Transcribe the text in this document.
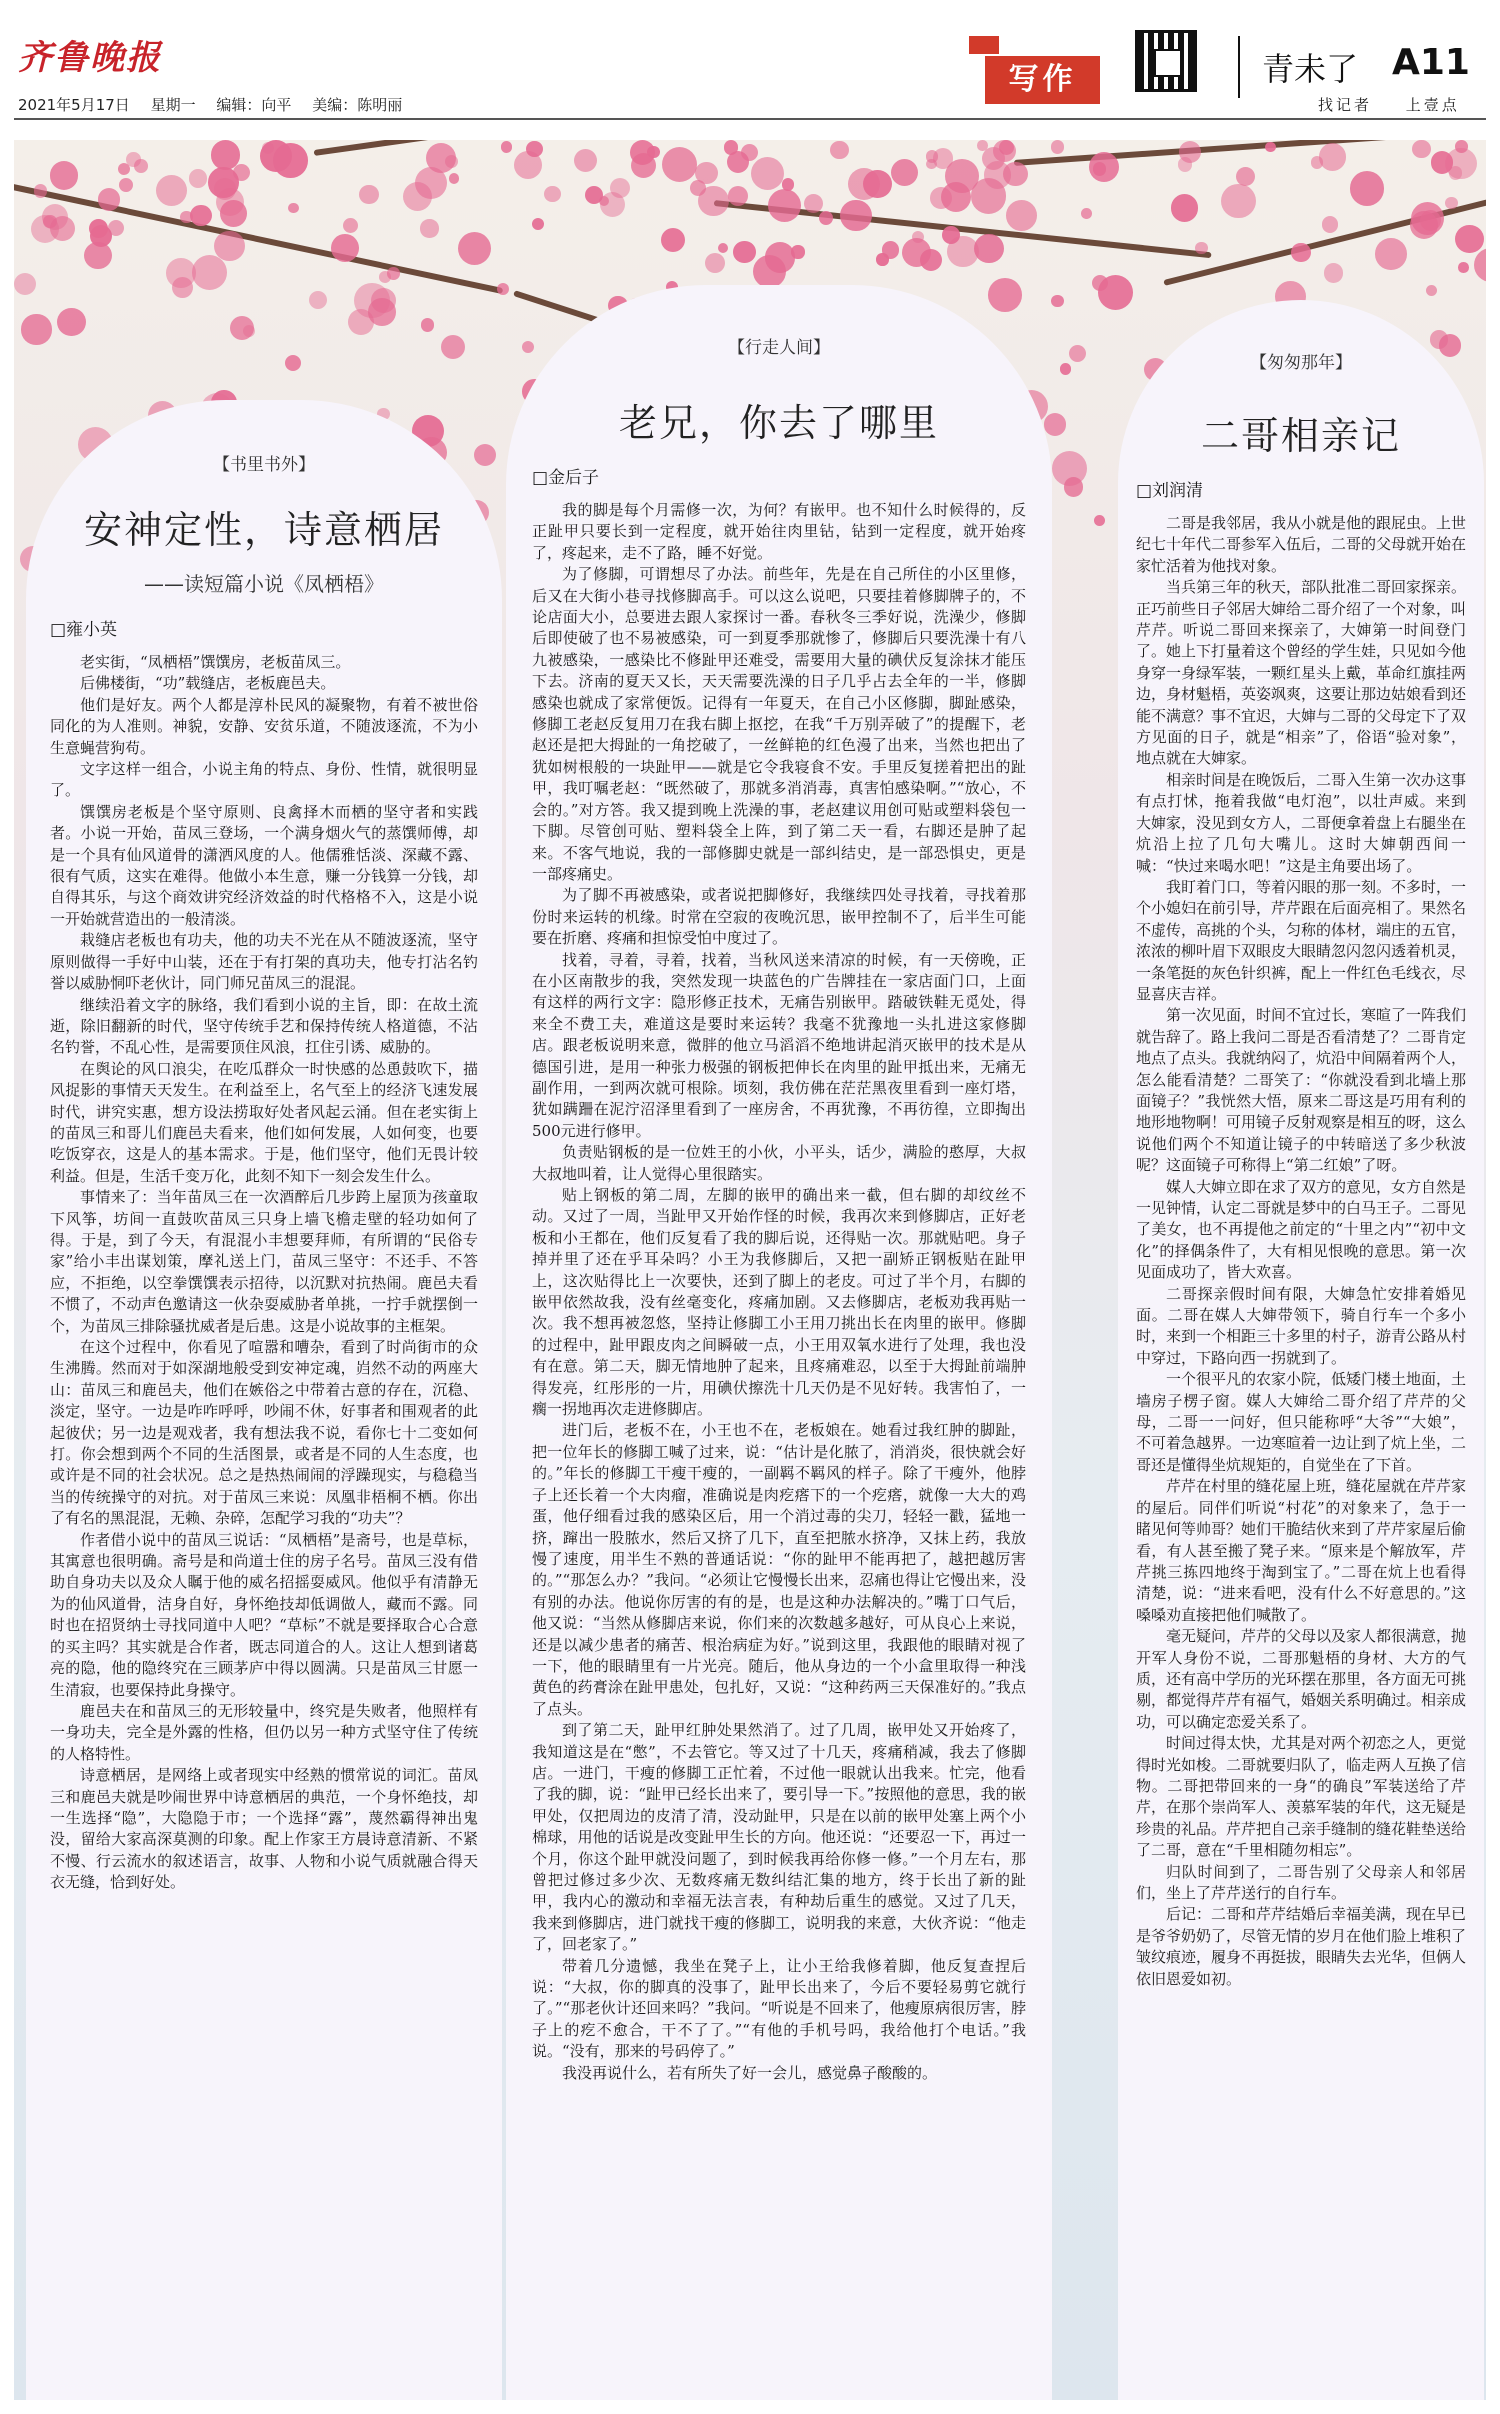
齐鲁晚报
2021年5月17日 星期一 编辑：向平 美编：陈明丽
写作	青未了 A11
找记者 上壹点
【书里书外】
安神定性，诗意栖居
——读短篇小说《凤栖梧》
□雍小英

老实街，“凤栖梧”馔馔房，老板苗凤三。

后佛楼街，“功”载缝店，老板鹿邑夫。

他们是好友。两个人都是淳朴民风的凝聚物，有着不被世俗同化的为人准则。神貌，安静、安贫乐道，不随波逐流，不为小生意蝇营狗苟。

文字这样一组合，小说主角的特点、身份、性情，就很明显了。

馔馔房老板是个坚守原则、良禽择木而栖的坚守者和实践者。小说一开始，苗凤三登场，一个满身烟火气的蒸馔师傅，却是一个具有仙风道骨的潇洒风度的人。他儒雅恬淡、深藏不露、很有气质，这实在难得。他做小本生意，赚一分钱算一分钱，却自得其乐，与这个商效讲究经济效益的时代格格不入，这是小说一开始就营造出的一般清淡。

栽缝店老板也有功夫，他的功夫不光在从不随波逐流，坚守原则做得一手好中山装，还在于有打架的真功夫，他专打沾名钓誉以威胁恫吓老伙计，同门师兄苗凤三的混混。

继续沿着文字的脉络，我们看到小说的主旨，即：在故土流逝，除旧翻新的时代，坚守传统手艺和保持传统人格道德，不沾名钓誉，不乱心性，是需要顶住风浪，扛住引诱、威胁的。

在舆论的风口浪尖，在吃瓜群众一时快感的怂恿鼓吹下，描风捉影的事情天天发生。在利益至上，名气至上的经济飞速发展时代，讲究实惠，想方设法捞取好处者风起云涌。但在老实街上的苗凤三和哥儿们鹿邑夫看来，他们如何发展，人如何变，也要吃饭穿衣，这是人的基本需求。于是，他们坚守，他们无畏计较利益。但是，生活千变万化，此刻不知下一刻会发生什么。

事情来了：当年苗凤三在一次酒醉后几步跨上屋顶为孩童取下风筝，坊间一直鼓吹苗凤三只身上墙飞檐走壁的轻功如何了得。于是，到了今天，有混混小丰想要拜师，有所谓的“民俗专家”给小丰出谋划策，摩礼送上门，苗凤三坚守：不还手、不答应，不拒绝，以空拳馔馔表示招待，以沉默对抗热闹。鹿邑夫看不惯了，不动声色邀请这一伙杂耍威胁者单挑，一拧手就摆倒一个，为苗凤三排除骚扰威者是后患。这是小说故事的主框架。

在这个过程中，你看见了喧嚣和嘈杂，看到了时尚街市的众生沸腾。然而对于如深湖地般受到安神定魂，岿然不动的两座大山：苗凤三和鹿邑夫，他们在嫉俗之中带着古意的存在，沉稳、淡定，坚守。一边是咋咋呼呼，吵闹不休，好事者和围观者的此起彼伏；另一边是观戏者，我有想法我不说，看你七十二变如何打。你会想到两个不同的生活图景，或者是不同的人生态度，也或许是不同的社会状况。总之是热热闹闹的浮躁现实，与稳稳当当的传统操守的对抗。对于苗凤三来说：凤凰非梧桐不栖。你出了有名的黑混混，无赖、杂碎，怎配学习我的“功夫”？

作者借小说中的苗凤三说话：“凤栖梧”是斋号，也是草标，其寓意也很明确。斋号是和尚道士住的房子名号。苗凤三没有借助自身功夫以及众人瞩于他的威名招摇耍威风。他似乎有清静无为的仙风道骨，洁身自好，身怀绝技却低调做人，藏而不露。同时也在招贤纳士寻找同道中人吧？“草标”不就是要择取合心合意的买主吗？其实就是合作者，既志同道合的人。这让人想到诸葛亮的隐，他的隐终究在三顾茅庐中得以圆满。只是苗凤三甘愿一生清寂，也要保持此身操守。

鹿邑夫在和苗凤三的无形较量中，终究是失败者，他照样有一身功夫，完全是外露的性格，但仍以另一种方式坚守住了传统的人格特性。

诗意栖居，是网络上或者现实中经熟的惯常说的词汇。苗凤三和鹿邑夫就是吵闹世界中诗意栖居的典范，一个身怀绝技，却一生选择“隐”，大隐隐于市；一个选择“露”，蔑然霸得神出鬼没，留给大家高深莫测的印象。配上作家王方晨诗意清新、不紧不慢、行云流水的叙述语言，故事、人物和小说气质就融合得天衣无缝，恰到好处。

【行走人间】
老兄，你去了哪里
□金后子

我的脚是每个月需修一次，为何？有嵌甲。也不知什么时候得的，反正趾甲只要长到一定程度，就开始往肉里钻，钻到一定程度，就开始疼了，疼起来，走不了路，睡不好觉。

为了修脚，可谓想尽了办法。前些年，先是在自己所住的小区里修，后又在大街小巷寻找修脚高手。可以这么说吧，只要挂着修脚牌子的，不论店面大小，总要进去跟人家探讨一番。春秋冬三季好说，洗澡少，修脚后即使破了也不易被感染，可一到夏季那就惨了，修脚后只要洗澡十有八九被感染，一感染比不修趾甲还难受，需要用大量的碘伏反复涂抹才能压下去。济南的夏天又长，天天需要洗澡的日子几乎占去全年的一半，修脚感染也就成了家常便饭。记得有一年夏天，在自己小区修脚，脚趾感染，修脚工老赵反复用刀在我右脚上抠挖，在我“千万别弄破了”的提醒下，老赵还是把大拇趾的一角挖破了，一丝鲜艳的红色漫了出来，当然也把出了犹如树根般的一块趾甲——就是它令我寝食不安。手里反复搓着把出的趾甲，我叮嘱老赵：“既然破了，那就多消消毒，真害怕感染啊。”“放心，不会的。”对方答。我又提到晚上洗澡的事，老赵建议用创可贴或塑料袋包一下脚。尽管创可贴、塑料袋全上阵，到了第二天一看，右脚还是肿了起来。不客气地说，我的一部修脚史就是一部纠结史，是一部恐惧史，更是一部疼痛史。

为了脚不再被感染，或者说把脚修好，我继续四处寻找着，寻找着那份时来运转的机缘。时常在空寂的夜晚沉思，嵌甲控制不了，后半生可能要在折磨、疼痛和担惊受怕中度过了。

找着，寻着，寻着，找着，当秋风送来清凉的时候，有一天傍晚，正在小区南散步的我，突然发现一块蓝色的广告牌挂在一家店面门口，上面有这样的两行文字：隐形修正技术，无痛告别嵌甲。踏破铁鞋无觅处，得来全不费工夫，难道这是要时来运转？我毫不犹豫地一头扎进这家修脚店。跟老板说明来意，微胖的他立马滔滔不绝地讲起消灭嵌甲的技术是从德国引进，是用一种张力极强的钢板把伸长在肉里的趾甲抵出来，无痛无副作用，一到两次就可根除。顷刻，我仿佛在茫茫黑夜里看到一座灯塔，犹如蹒跚在泥泞沼泽里看到了一座房舍，不再犹豫，不再彷徨，立即掏出500元进行修甲。

负责贴钢板的是一位姓王的小伙，小平头，话少，满脸的憨厚，大叔大叔地叫着，让人觉得心里很踏实。

贴上钢板的第二周，左脚的嵌甲的确出来一截，但右脚的却纹丝不动。又过了一周，当趾甲又开始作怪的时候，我再次来到修脚店，正好老板和小王都在，他们反复看了我的脚后说，还得贴一次。那就贴吧。身子掉并里了还在乎耳朵吗？小王为我修脚后，又把一副矫正钢板贴在趾甲上，这次贴得比上一次要快，还到了脚上的老皮。可过了半个月，右脚的嵌甲依然故我，没有丝毫变化，疼痛加剧。又去修脚店，老板劝我再贴一次。我不想再被忽悠，坚持让修脚工小王用刀挑出长在肉里的嵌甲。修脚的过程中，趾甲跟皮肉之间瞬破一点，小王用双氧水进行了处理，我也没有在意。第二天，脚无情地肿了起来，且疼痛难忍，以至于大拇趾前端肿得发亮，红彤彤的一片，用碘伏擦洗十几天仍是不见好转。我害怕了，一瘸一拐地再次走进修脚店。

进门后，老板不在，小王也不在，老板娘在。她看过我红肿的脚趾，把一位年长的修脚工喊了过来，说：“估计是化脓了，消消炎，很快就会好的。”年长的修脚工干瘦干瘦的，一副羁不羁风的样子。除了干瘦外，他脖子上还长着一个大肉瘤，准确说是肉疙瘩下的一个疙瘩，就像一大大的鸡蛋，他仔细看过我的感染区后，用一个消过毒的尖刀，轻轻一戳，猛地一挤，蹿出一股脓水，然后又挤了几下，直至把脓水挤净，又抹上药，我放慢了速度，用半生不熟的普通话说：“你的趾甲不能再把了，越把越厉害的。”“那怎么办？”我问。“必须让它慢慢长出来，忍痛也得让它慢出来，没有别的办法。他说你厉害的有的是，也是这种办法解决的。”嘴丁口气后，他又说：“当然从修脚店来说，你们来的次数越多越好，可从良心上来说，还是以减少患者的痛苦、根治病症为好。”说到这里，我跟他的眼睛对视了一下，他的眼睛里有一片光亮。随后，他从身边的一个小盒里取得一种浅黄色的药膏涂在趾甲患处，包扎好，又说：“这种药两三天保准好的。”我点了点头。

到了第二天，趾甲红肿处果然消了。过了几周，嵌甲处又开始疼了，我知道这是在“憋”，不去管它。等又过了十几天，疼痛稍减，我去了修脚店。一进门，干瘦的修脚工正忙着，不过他一眼就认出我来。忙完，他看了我的脚，说：“趾甲已经长出来了，要引导一下。”按照他的意思，我的嵌甲处，仅把周边的皮清了清，没动趾甲，只是在以前的嵌甲处塞上两个小棉球，用他的话说是改变趾甲生长的方向。他还说：“还要忍一下，再过一个月，你这个趾甲就没问题了，到时候我再给你修一修。”一个月左右，那曾把过修过多少次、无数疼痛无数纠结汇集的地方，终于长出了新的趾甲，我内心的激动和幸福无法言表，有种劫后重生的感觉。又过了几天，我来到修脚店，进门就找干瘦的修脚工，说明我的来意，大伙齐说：“他走了，回老家了。”

带着几分遗憾，我坐在凳子上，让小王给我修着脚，他反复查捏后说：“大叔，你的脚真的没事了，趾甲长出来了，今后不要轻易剪它就行了。”“那老伙计还回来吗？”我问。“听说是不回来了，他瘦原病很厉害，脖子上的疙不愈合，干不了了。”“有他的手机号吗，我给他打个电话。”我说。“没有，那来的号码停了。”

我没再说什么，若有所失了好一会儿，感觉鼻子酸酸的。

【匆匆那年】
二哥相亲记
□刘润清

二哥是我邻居，我从小就是他的跟屁虫。上世纪七十年代二哥参军入伍后，二哥的父母就开始在家忙活着为他找对象。

当兵第三年的秋天，部队批准二哥回家探亲。正巧前些日子邻居大婶给二哥介绍了一个对象，叫芹芹。听说二哥回来探亲了，大婶第一时间登门了。她上下打量着这个曾经的学生娃，只见如今他身穿一身绿军装，一颗红星头上戴，革命红旗挂两边，身材魁梧，英姿飒爽，这要让那边姑娘看到还能不满意？事不宜迟，大婶与二哥的父母定下了双方见面的日子，就是“相亲”了，俗语“验对象”，地点就在大婶家。

相亲时间是在晚饭后，二哥入生第一次办这事有点打怵，拖着我做“电灯泡”，以壮声威。来到大婶家，没见到女方人，二哥便拿着盘上右腿坐在炕沿上拉了几句大嘴儿。这时大婶朝西间一喊：“快过来喝水吧！”这是主角要出场了。

我盯着门口，等着闪眼的那一刻。不多时，一个小媳妇在前引导，芹芹跟在后面亮相了。果然名不虚传，高挑的个头，匀称的体材，端庄的五官，浓浓的柳叶眉下双眼皮大眼睛忽闪忽闪透着机灵，一条笔挺的灰色针织裤，配上一件红色毛线衣，尽显喜庆吉祥。

第一次见面，时间不宜过长，寒暄了一阵我们就告辞了。路上我问二哥是否看清楚了？二哥肯定地点了点头。我就纳闷了，炕沿中间隔着两个人，怎么能看清楚？二哥笑了：“你就没看到北墙上那面镜子？”我恍然大悟，原来二哥这是巧用有利的地形地物啊！可用镜子反射观察是相互的呀，这么说他们两个不知道让镜子的中转暗送了多少秋波呢？这面镜子可称得上“第二红娘”了呀。

媒人大婶立即在求了双方的意见，女方自然是一见钟情，认定二哥就是梦中的白马王子。二哥见了美女，也不再提他之前定的“十里之内”“初中文化”的择偶条件了，大有相见恨晚的意思。第一次见面成功了，皆大欢喜。

二哥探亲假时间有限，大婶急忙安排着婚见面。二哥在媒人大婶带领下，骑自行车一个多小时，来到一个相距三十多里的村子，游青公路从村中穿过，下路向西一拐就到了。

一个很平凡的农家小院，低矮门楼土地面，土墙房子楞子窗。媒人大婶给二哥介绍了芹芹的父母，二哥一一问好，但只能称呼“大爷”“大娘”，不可着急越界。一边寒暄着一边让到了炕上坐，二哥还是懂得坐炕规矩的，自觉坐在了下首。

芹芹在村里的缝花屋上班，缝花屋就在芹芹家的屋后。同伴们听说“村花”的对象来了，急于一睹见何等帅哥？她们干脆结伙来到了芹芹家屋后偷看，有人甚至搬了凳子来。“原来是个解放军，芹芹挑三拣四地终于淘到宝了。”二哥在炕上也看得清楚，说：“进来看吧，没有什么不好意思的。”这嗓嗓劝直接把他们喊散了。

毫无疑问，芹芹的父母以及家人都很满意，抛开军人身份不说，二哥那魁梧的身材、大方的气质，还有高中学历的光环摆在那里，各方面无可挑剔，都觉得芹芹有福气，婚姻关系明确过。相亲成功，可以确定恋爱关系了。

时间过得太快，尤其是对两个初恋之人，更觉得时光如梭。二哥就要归队了，临走两人互换了信物。二哥把带回来的一身“的确良”军装送给了芹芹，在那个崇尚军人、羡慕军装的年代，这无疑是珍贵的礼品。芹芹把自己亲手缝制的缝花鞋垫送给了二哥，意在“千里相随勿相忘”。

归队时间到了，二哥告别了父母亲人和邻居们，坐上了芹芹送行的自行车。

后记：二哥和芹芹结婚后幸福美满，现在早已是爷爷奶奶了，尽管无情的岁月在他们脸上堆积了皱纹痕迹，履身不再挺拔，眼睛失去光华，但俩人依旧恩爱如初。
